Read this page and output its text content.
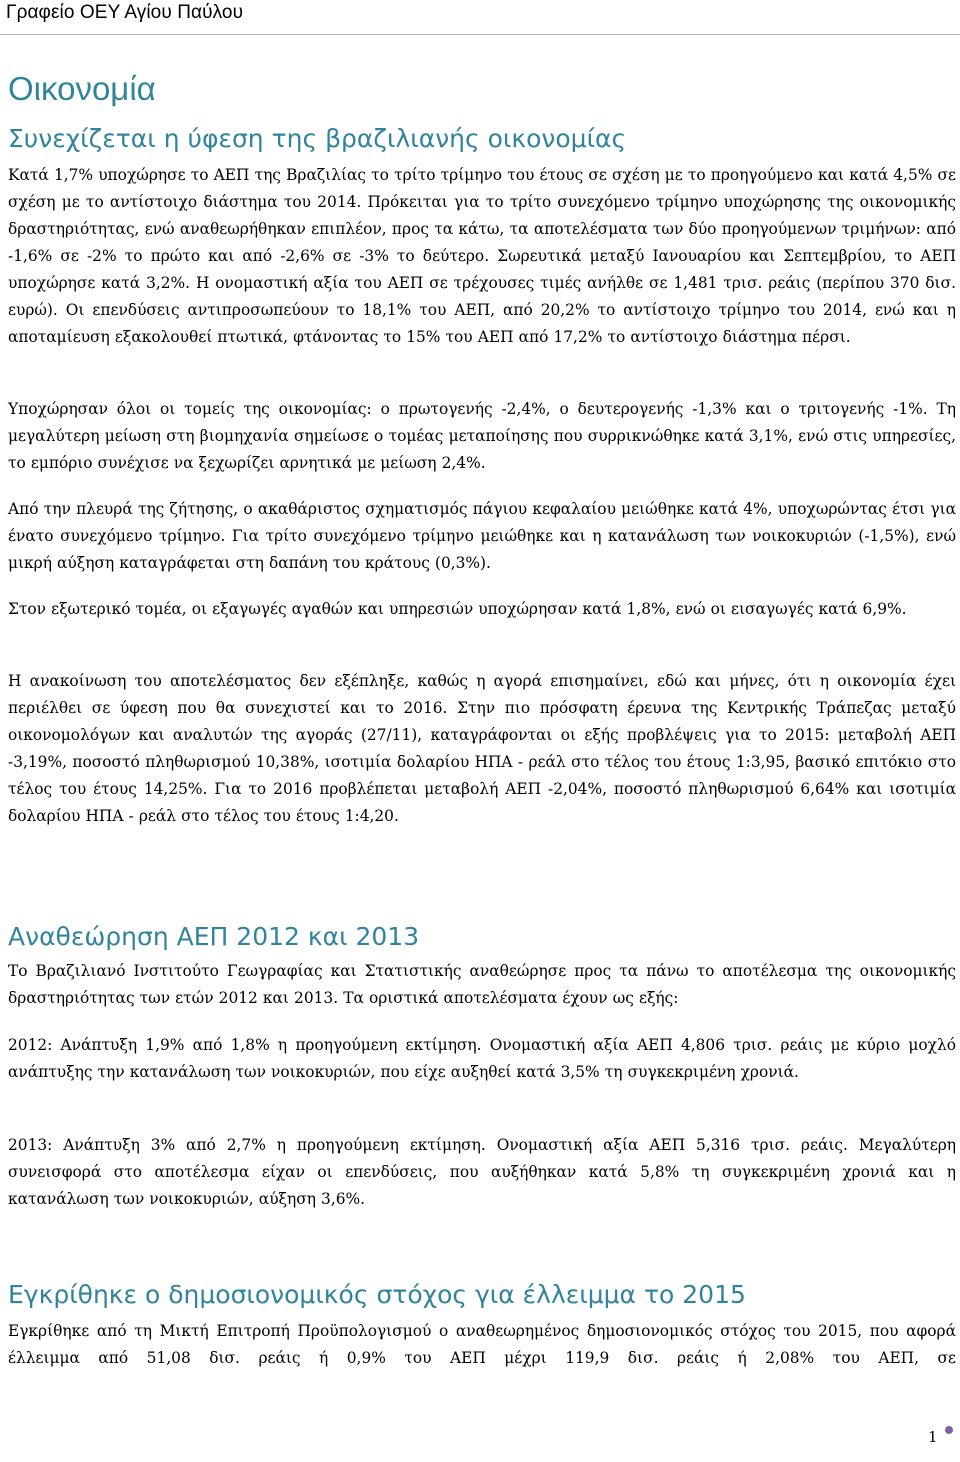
Γραφείο ΟΕΥ Αγίου Παύλου
Οικονομία
Συνεχίζεται η ύφεση της βραζιλιανής οικονομίας

Κατά 1,7% υποχώρησε το ΑΕΠ της Βραζιλίας το τρίτο τρίμηνο του έτους σε σχέση με το προηγούμενο και κατά 4,5% σε σχέση με το αντίστοιχο διάστημα του 2014. Πρόκειται για το τρίτο συνεχόμενο τρίμηνο υποχώρησης της οικονομικής δραστηριότητας, ενώ αναθεωρήθηκαν επιπλέον, προς τα κάτω, τα αποτελέσματα των δύο προηγούμενων τριμήνων: από -1,6% σε -2% το πρώτο και από -2,6% σε -3% το δεύτερο. Σωρευτικά μεταξύ Ιανουαρίου και Σεπτεμβρίου, το ΑΕΠ υποχώρησε κατά 3,2%. Η ονομαστική αξία του ΑΕΠ σε τρέχουσες τιμές ανήλθε σε 1,481 τρισ. ρεάις (περίπου 370 δισ. ευρώ). Οι επενδύσεις αντιπροσωπεύουν το 18,1% του ΑΕΠ, από 20,2% το αντίστοιχο τρίμηνο του 2014, ενώ και η αποταμίευση εξακολουθεί πτωτικά, φτάνοντας το 15% του ΑΕΠ από 17,2% το αντίστοιχο διάστημα πέρσι.

Υποχώρησαν όλοι οι τομείς της οικονομίας: ο πρωτογενής -2,4%, ο δευτερογενής -1,3% και ο τριτογενής -1%. Τη μεγαλύτερη μείωση στη βιομηχανία σημείωσε ο τομέας μεταποίησης που συρρικνώθηκε κατά 3,1%, ενώ στις υπηρεσίες, το εμπόριο συνέχισε να ξεχωρίζει αρνητικά με μείωση 2,4%.

Από την πλευρά της ζήτησης, ο ακαθάριστος σχηματισμός πάγιου κεφαλαίου μειώθηκε κατά 4%, υποχωρώντας έτσι για ένατο συνεχόμενο τρίμηνο. Για τρίτο συνεχόμενο τρίμηνο μειώθηκε και η κατανάλωση των νοικοκυριών (-1,5%), ενώ μικρή αύξηση καταγράφεται στη δαπάνη του κράτους (0,3%).

Στον εξωτερικό τομέα, οι εξαγωγές αγαθών και υπηρεσιών υποχώρησαν κατά 1,8%, ενώ οι εισαγωγές κατά 6,9%.

Η ανακοίνωση του αποτελέσματος δεν εξέπληξε, καθώς η αγορά επισημαίνει, εδώ και μήνες, ότι η οικονομία έχει περιέλθει σε ύφεση που θα συνεχιστεί και το 2016. Στην πιο πρόσφατη έρευνα της Κεντρικής Τράπεζας μεταξύ οικονομολόγων και αναλυτών της αγοράς (27/11), καταγράφονται οι εξής προβλέψεις για το 2015: μεταβολή ΑΕΠ -3,19%, ποσοστό πληθωρισμού 10,38%, ισοτιμία δολαρίου ΗΠΑ - ρεάλ στο τέλος του έτους 1:3,95, βασικό επιτόκιο στο τέλος του έτους 14,25%. Για το 2016 προβλέπεται μεταβολή ΑΕΠ -2,04%, ποσοστό πληθωρισμού 6,64% και ισοτιμία δολαρίου ΗΠΑ - ρεάλ στο τέλος του έτους 1:4,20.

Αναθεώρηση ΑΕΠ 2012 και 2013

Το Βραζιλιανό Ινστιτούτο Γεωγραφίας και Στατιστικής αναθεώρησε προς τα πάνω το αποτέλεσμα της οικονομικής δραστηριότητας των ετών 2012 και 2013. Τα οριστικά αποτελέσματα έχουν ως εξής:

2012: Ανάπτυξη 1,9% από 1,8% η προηγούμενη εκτίμηση. Ονομαστική αξία ΑΕΠ 4,806 τρισ. ρεάις με κύριο μοχλό ανάπτυξης την κατανάλωση των νοικοκυριών, που είχε αυξηθεί κατά 3,5% τη συγκεκριμένη χρονιά.

2013: Ανάπτυξη 3% από 2,7% η προηγούμενη εκτίμηση. Ονομαστική αξία ΑΕΠ 5,316 τρισ. ρεάις. Μεγαλύτερη συνεισφορά στο αποτέλεσμα είχαν οι επενδύσεις, που αυξήθηκαν κατά 5,8% τη συγκεκριμένη χρονιά και η κατανάλωση των νοικοκυριών, αύξηση 3,6%.

Εγκρίθηκε ο δημοσιονομικός στόχος για έλλειμμα το 2015

Εγκρίθηκε από τη Μικτή Επιτροπή Προϋπολογισμού ο αναθεωρημένος δημοσιονομικός στόχος του 2015, που αφορά έλλειμμα από 51,08 δισ. ρεάις ή 0,9% του ΑΕΠ μέχρι 119,9 δισ. ρεάις ή 2,08% του ΑΕΠ, σε

1
